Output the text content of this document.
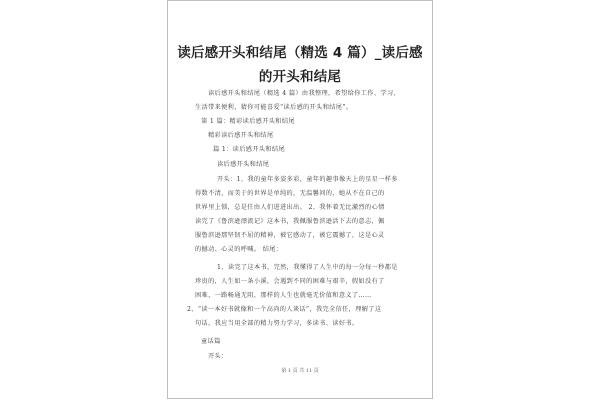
读后感开头和结尾（精选 4 篇）_读后感
的开头和结尾
读后感开头和结尾（精选 4 篇）由我整理，希望给你工作、学习、
生活带来便利，猜你可能喜爱“读后感的开头和结尾”。
第 1 篇：精彩读后感开头和结尾
精彩读后感开头和结尾
篇 1：读后感开头和结尾
读后感开头和结尾
开头：1、我的童年多姿多彩，童年的趣事像天上的星星一样多
得数不清，而美于的世界是单纯的，无温馨问的，她从不在自己的
世界里上锁，总是任由人们进进出出。 2、我怀着无比激烈的心情
读完了《鲁滨逊漂流记》这本书，我佩服鲁滨逊活下去的意志，佩
服鲁滨逊那坚韧不屈的精神，被它感动了，被它震撼了，这是心灵
的撼动、心灵的呼喊。 结尾：
1、读完了这本书，完然，我懂得了人生中的每一分每一秒都是
珍贵的，人生如一条小溪，会遇到不同的困难与艰辛，假如没有了
困难，一路畅通无阻，那样的人生也就毫无价值和意义了……
2、“读一本好书就像和一个高尚的人谈话”，我完全信任，理解了这
句话，我应当用全部的精力努力学习，多读书、读好书。
童话篇
开头：
第 1 页 共 11 页
